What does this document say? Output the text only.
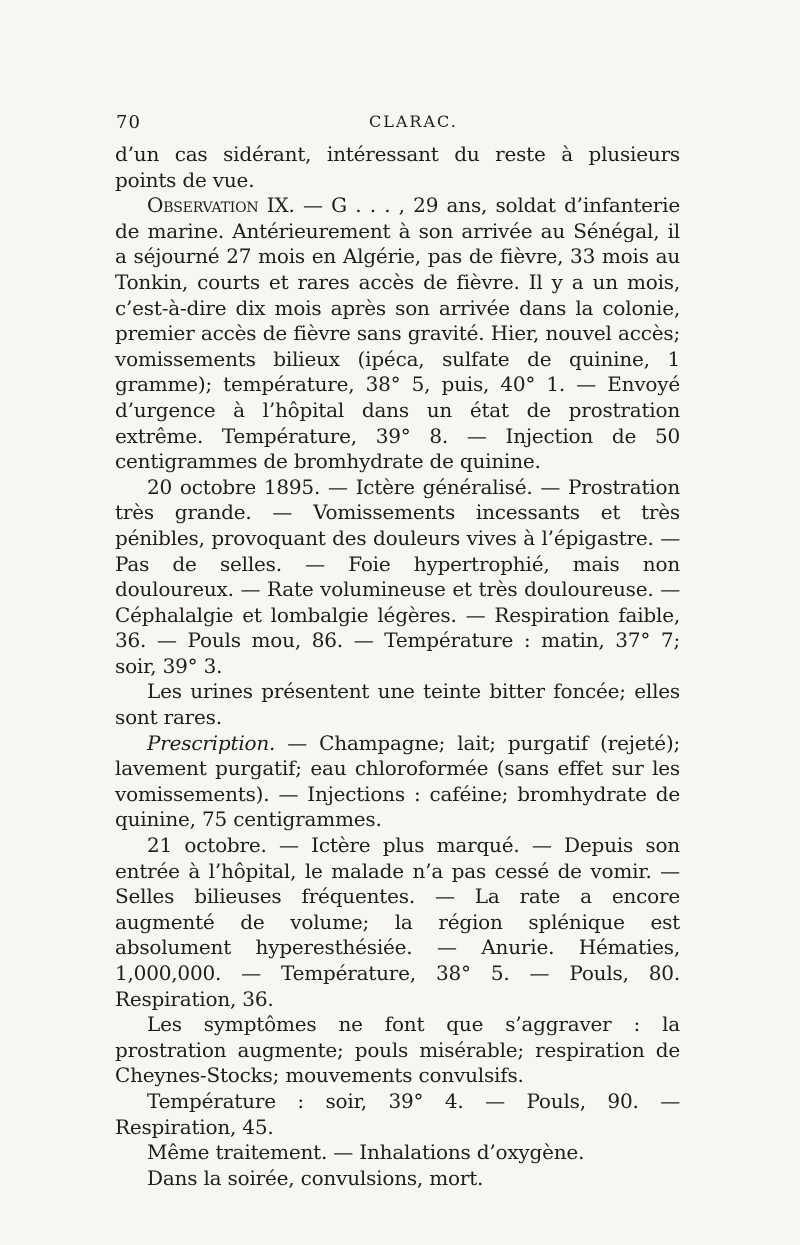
70	CLARAC.

d’un cas sidérant, intéressant du reste à plusieurs points de vue.

Observation IX. — G . . . , 29 ans, soldat d’infanterie de marine. Antérieurement à son arrivée au Sénégal, il a séjourné 27 mois en Algérie, pas de fièvre, 33 mois au Tonkin, courts et rares accès de fièvre. Il y a un mois, c’est-à-dire dix mois après son arrivée dans la colonie, premier accès de fièvre sans gravité. Hier, nouvel accès; vomissements bilieux (ipéca, sulfate de quinine, 1 gramme); température, 38° 5, puis, 40° 1. — Envoyé d’urgence à l’hôpital dans un état de prostration extrême. Température, 39° 8. — Injection de 50 centigrammes de bromhydrate de quinine.

20 octobre 1895. — Ictère généralisé. — Prostration très grande. — Vomissements incessants et très pénibles, provoquant des douleurs vives à l’épigastre. — Pas de selles. — Foie hypertrophié, mais non douloureux. — Rate volumineuse et très douloureuse. — Céphalalgie et lombalgie légères. — Respiration faible, 36. — Pouls mou, 86. — Température : matin, 37° 7; soir, 39° 3.

Les urines présentent une teinte bitter foncée; elles sont rares.

Prescription. — Champagne; lait; purgatif (rejeté); lavement purgatif; eau chloroformée (sans effet sur les vomissements). — Injections : caféine; bromhydrate de quinine, 75 centigrammes.

21 octobre. — Ictère plus marqué. — Depuis son entrée à l’hôpital, le malade n’a pas cessé de vomir. — Selles bilieuses fréquentes. — La rate a encore augmenté de volume; la région splénique est absolument hyperesthésiée. — Anurie. Hématies, 1,000,000. — Température, 38° 5. — Pouls, 80. Respiration, 36.

Les symptômes ne font que s’aggraver : la prostration augmente; pouls misérable; respiration de Cheynes-Stocks; mouvements convulsifs.

Température : soir, 39° 4. — Pouls, 90. — Respiration, 45.

Même traitement. — Inhalations d’oxygène.

Dans la soirée, convulsions, mort.
